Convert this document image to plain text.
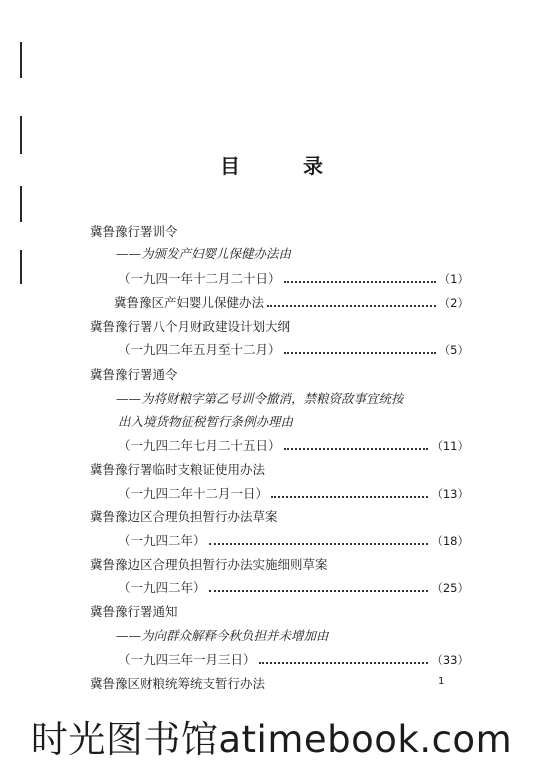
目 录
冀鲁豫行署训令
——为颁发产妇婴儿保健办法由
（一九四一年十二月二十日）	（1）
冀鲁豫区产妇婴儿保健办法	（2）
冀鲁豫行署八个月财政建设计划大纲
（一九四二年五月至十二月）	（5）
冀鲁豫行署通令
——为将财粮字第乙号训令撤消，禁粮资敌事宜统按
出入境货物征税暂行条例办理由
（一九四二年七月二十五日）	（11）
冀鲁豫行署临时支粮证使用办法
（一九四二年十二月一日）	（13）
冀鲁豫边区合理负担暂行办法草案
（一九四二年）	（18）
冀鲁豫边区合理负担暂行办法实施细则草案
（一九四二年）	（25）
冀鲁豫行署通知
——为向群众解释今秋负担并未增加由
（一九四三年一月三日）	（33）
冀鲁豫区财粮统筹统支暂行办法	1
时光图书馆atimebook.com
